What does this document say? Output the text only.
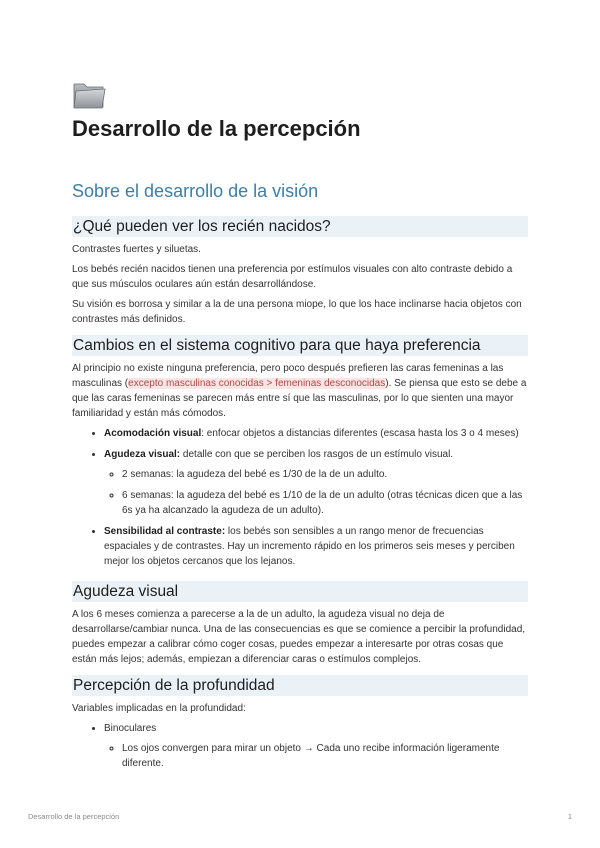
Desarrollo de la percepción
Sobre el desarrollo de la visión
¿Qué pueden ver los recién nacidos?

Contrastes fuertes y siluetas.

Los bebés recién nacidos tienen una preferencia por estímulos visuales con alto contraste debido a que sus músculos oculares aún están desarrollándose.

Su visión es borrosa y similar a la de una persona miope, lo que los hace inclinarse hacia objetos con contrastes más definidos.

Cambios en el sistema cognitivo para que haya preferencia

Al principio no existe ninguna preferencia, pero poco después prefieren las caras femeninas a las masculinas (excepto masculinas conocidas > femeninas desconocidas). Se piensa que esto se debe a que las caras femeninas se parecen más entre sí que las masculinas, por lo que sienten una mayor familiaridad y están más cómodos.

• Acomodación visual: enfocar objetos a distancias diferentes (escasa hasta los 3 o 4 meses)
• Agudeza visual: detalle con que se perciben los rasgos de un estímulo visual.
◦ 2 semanas: la agudeza del bebé es 1/30 de la de un adulto.
◦ 6 semanas: la agudeza del bebé es 1/10 de la de un adulto (otras técnicas dicen que a las 6s ya ha alcanzado la agudeza de un adulto).
• Sensibilidad al contraste: los bebés son sensibles a un rango menor de frecuencias espaciales y de contrastes. Hay un incremento rápido en los primeros seis meses y perciben mejor los objetos cercanos que los lejanos.
Agudeza visual

A los 6 meses comienza a parecerse a la de un adulto, la agudeza visual no deja de desarrollarse/cambiar nunca. Una de las consecuencias es que se comience a percibir la profundidad, puedes empezar a calibrar cómo coger cosas, puedes empezar a interesarte por otras cosas que están más lejos; además, empiezan a diferenciar caras o estímulos complejos.

Percepción de la profundidad

Variables implicadas en la profundidad:

• Binoculares
◦ Los ojos convergen para mirar un objeto → Cada uno recibe información ligeramente diferente.
Desarrollo de la percepción	1
